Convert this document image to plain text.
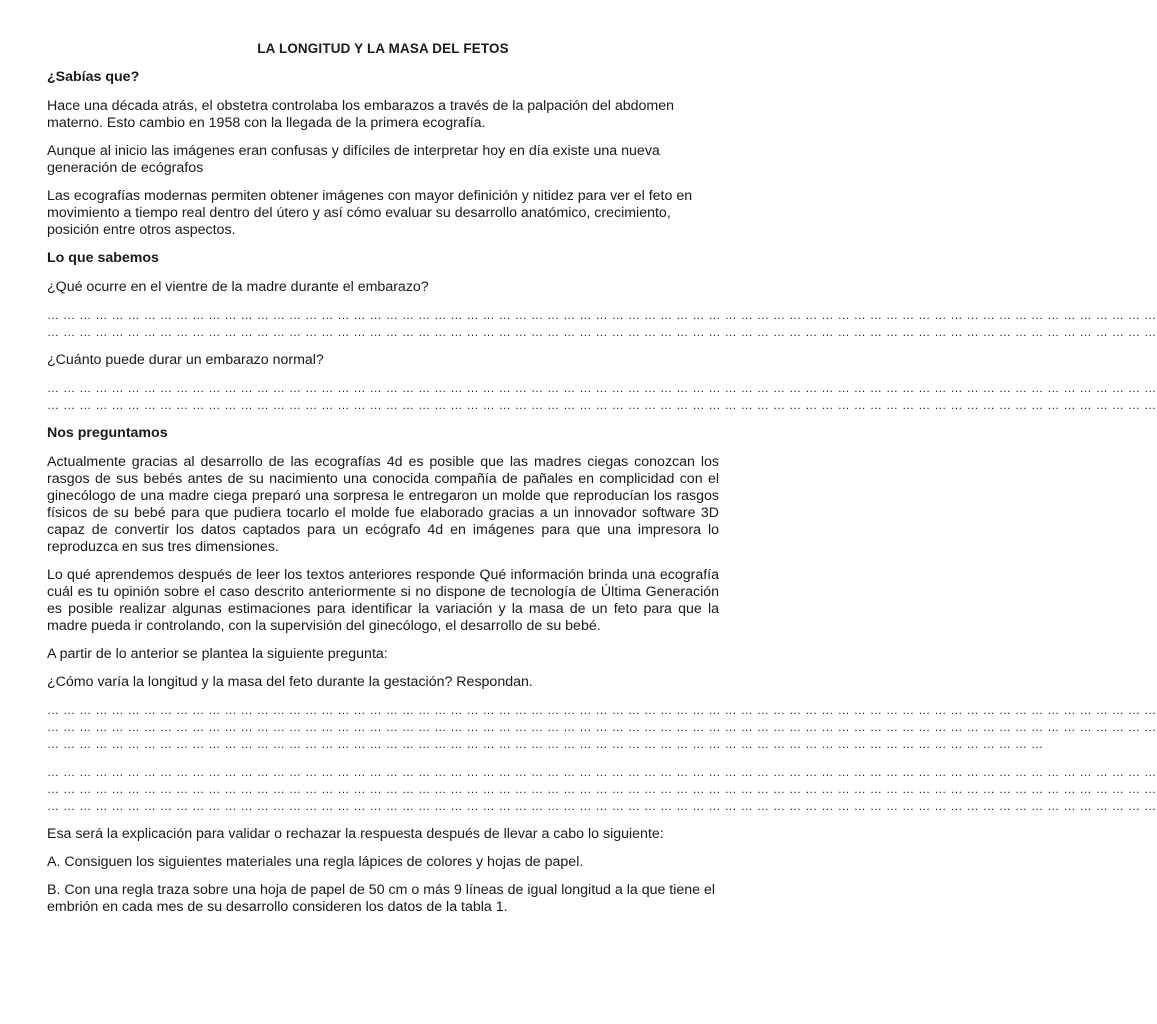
LA LONGITUD Y LA MASA DEL FETOS
¿Sabías que?
Hace una década atrás, el obstetra controlaba los embarazos a través de la palpación del abdomen materno. Esto cambio en 1958 con la llegada de la primera ecografía.
Aunque al inicio las imágenes eran confusas y difíciles de interpretar hoy en día existe una nueva generación de ecógrafos
Las ecografías modernas permiten obtener imágenes con mayor definición y nitidez para ver el feto en movimiento a tiempo real dentro del útero y así cómo evaluar su desarrollo anatómico, crecimiento, posición entre otros aspectos.
Lo que sabemos
¿Qué ocurre en el vientre de la madre durante el embarazo?
… … … … … … … … … … … … … … … … … … … … … … … … … … … … … … … … … … … … … … … … … … … … … … … … … … … … … … … … … … … … … … … … … … … … …
… … … … … … … … … … … … … … … … … … … … … … … … … … … … … … … … … … … … … … … … … … … … … … … … … … … … … … … … … … … … … … … … … … … … …
¿Cuánto puede durar un embarazo normal?
… … … … … … … … … … … … … … … … … … … … … … … … … … … … … … … … … … … … … … … … … … … … … … … … … … … … … … … … … … … … … … … … … … … … …
… … … … … … … … … … … … … … … … … … … … … … … … … … … … … … … … … … … … … … … … … … … … … … … … … … … … … … … … … … … … … … … … … … … … …
Nos preguntamos
Actualmente gracias al desarrollo de las ecografías 4d es posible que las madres ciegas conozcan los rasgos de sus bebés antes de su nacimiento una conocida compañía de pañales en complicidad con el ginecólogo de una madre ciega preparó una sorpresa le entregaron un molde que reproducían los rasgos físicos de su bebé para que pudiera tocarlo el molde fue elaborado gracias a un innovador software 3D capaz de convertir los datos captados para un ecógrafo 4d en imágenes para que una impresora lo reproduzca en sus tres dimensiones.
Lo qué aprendemos después de leer los textos anteriores responde Qué información brinda una ecografía cuál es tu opinión sobre el caso descrito anteriormente si no dispone de tecnología de Última Generación es posible realizar algunas estimaciones para identificar la variación y la masa de un feto para que la madre pueda ir controlando, con la supervisión del ginecólogo, el desarrollo de su bebé.
A partir de lo anterior se plantea la siguiente pregunta:
¿Cómo varía la longitud y la masa del feto durante la gestación? Respondan.
… … … … … … … … … … … … … … … … … … … … … … … … … … … … … … … … … … … … … … … … … … … … … … … … … … … … … … … … … … … … … … … … … … … … …
… … … … … … … … … … … … … … … … … … … … … … … … … … … … … … … … … … … … … … … … … … … … … … … … … … … … … … … … … … … … … … … … … … … … …
… … … … … … … … … … … … … … … … … … … … … … … … … … … … … … … … … … … … … … … … … … … … … … … … … … … … … … … … … … … … … …
… … … … … … … … … … … … … … … … … … … … … … … … … … … … … … … … … … … … … … … … … … … … … … … … … … … … … … … … … … … … … … … … … … … … …
… … … … … … … … … … … … … … … … … … … … … … … … … … … … … … … … … … … … … … … … … … … … … … … … … … … … … … … … … … … … … … … … … … … … …
… … … … … … … … … … … … … … … … … … … … … … … … … … … … … … … … … … … … … … … … … … … … … … … … … … … … … … … … … … … … … … … … … … … … …
Esa será la explicación para validar o rechazar la respuesta después de llevar a cabo lo siguiente:
A. Consiguen los siguientes materiales una regla lápices de colores y hojas de papel.
B. Con una regla traza sobre una hoja de papel de 50 cm o más 9 líneas de igual longitud a la que tiene el embrión en cada mes de su desarrollo consideren los datos de la tabla 1.
